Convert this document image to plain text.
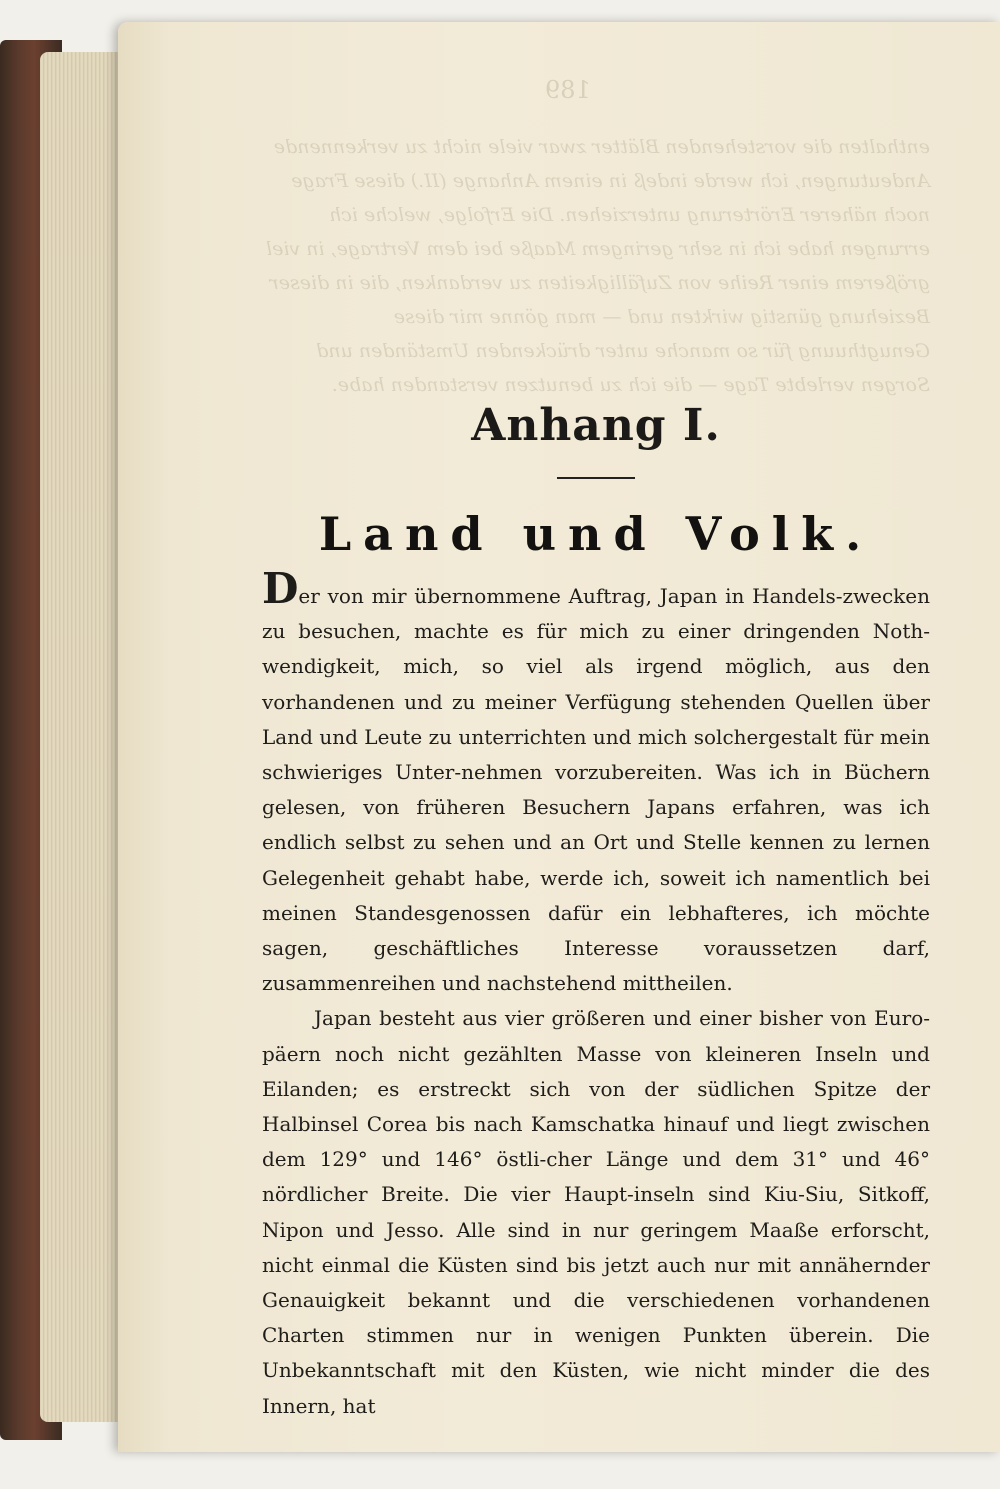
189
enthalten die vorstehenden Blätter zwar viele nicht zu verkennende Andeutungen, ich werde indeß in einem Anhange (II.) diese Frage noch näherer Erörterung unterziehen. Die Erfolge, welche ich errungen habe ich in sehr geringem Maaße bei dem Vertrage, in viel größerem einer Reihe von Zufälligkeiten zu verdanken, die in dieser Beziehung günstig wirkten und — man gönne mir diese Genugthuung für so manche unter drückenden Umständen und Sorgen verlebte Tage — die ich zu benutzen verstanden habe.
Anhang I.
Land und Volk.

Der von mir übernommene Auftrag, Japan in Handels-zwecken zu besuchen, machte es für mich zu einer dringenden Noth-wendigkeit, mich, so viel als irgend möglich, aus den vorhandenen und zu meiner Verfügung stehenden Quellen über Land und Leute zu unterrichten und mich solchergestalt für mein schwieriges Unter-nehmen vorzubereiten. Was ich in Büchern gelesen, von früheren Besuchern Japans erfahren, was ich endlich selbst zu sehen und an Ort und Stelle kennen zu lernen Gelegenheit gehabt habe, werde ich, soweit ich namentlich bei meinen Standesgenossen dafür ein lebhafteres, ich möchte sagen, geschäftliches Interesse voraussetzen darf, zusammenreihen und nachstehend mittheilen.

Japan besteht aus vier größeren und einer bisher von Euro-päern noch nicht gezählten Masse von kleineren Inseln und Eilanden; es erstreckt sich von der südlichen Spitze der Halbinsel Corea bis nach Kamschatka hinauf und liegt zwischen dem 129° und 146° östli-cher Länge und dem 31° und 46° nördlicher Breite. Die vier Haupt-inseln sind Kiu-Siu, Sitkoff, Nipon und Jesso. Alle sind in nur geringem Maaße erforscht, nicht einmal die Küsten sind bis jetzt auch nur mit annähernder Genauigkeit bekannt und die verschiedenen vorhandenen Charten stimmen nur in wenigen Punkten überein. Die Unbekanntschaft mit den Küsten, wie nicht minder die des Innern, hat
